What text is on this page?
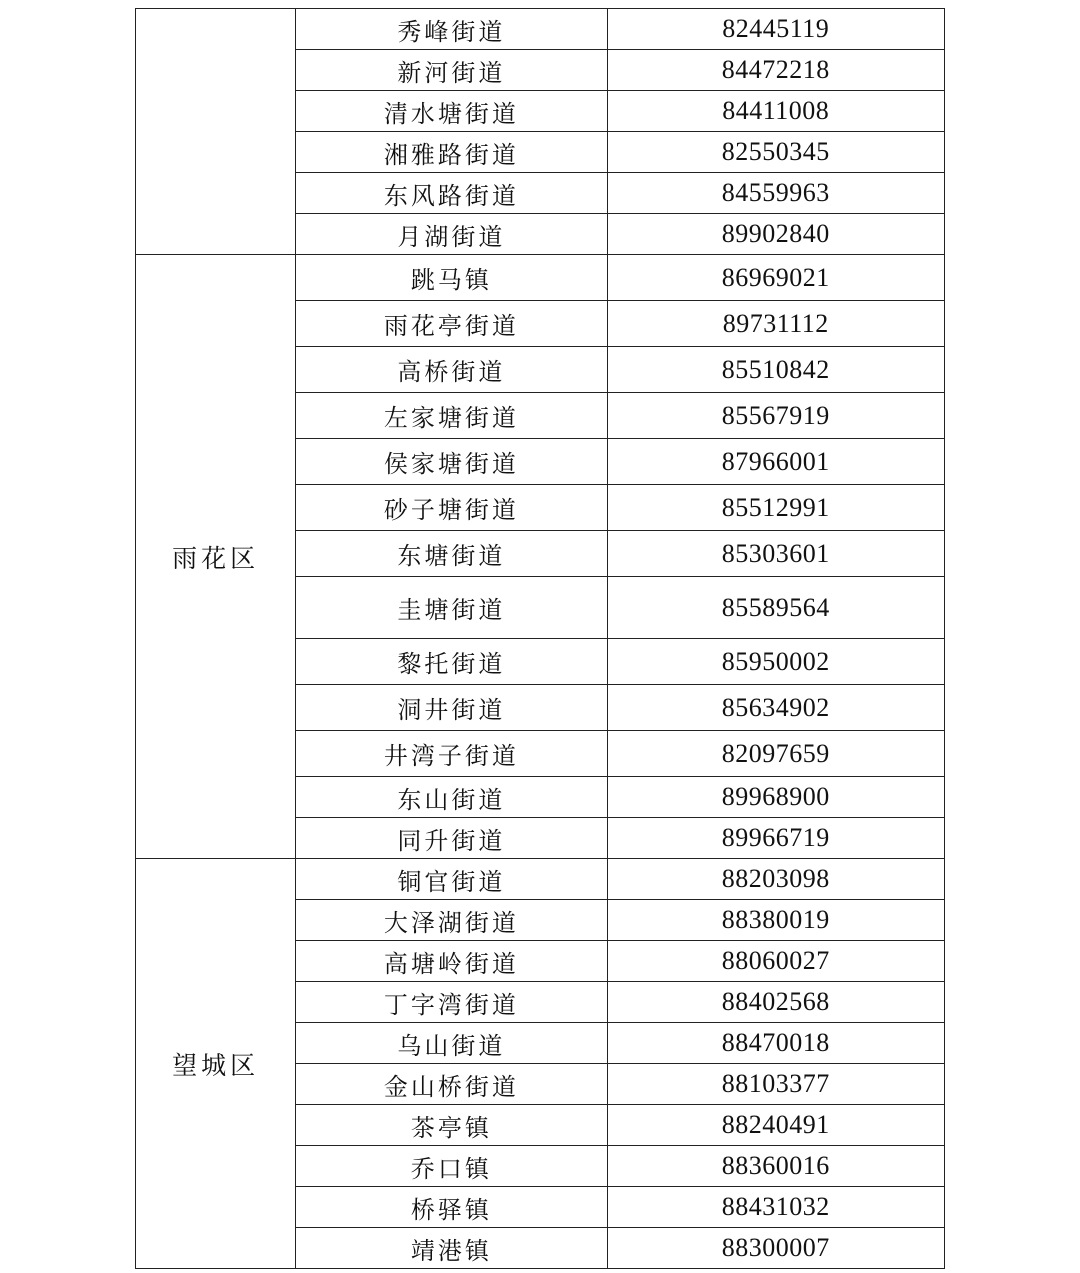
	秀峰街道	82445119
	新河街道	84472218
	清水塘街道	84411008
	湘雅路街道	82550345
	东风路街道	84559963
	月湖街道	89902840
雨花区	跳马镇	86969021
	雨花亭街道	89731112
	高桥街道	85510842
	左家塘街道	85567919
	侯家塘街道	87966001
	砂子塘街道	85512991
	东塘街道	85303601
	圭塘街道	85589564
	黎托街道	85950002
	洞井街道	85634902
	井湾子街道	82097659
	东山街道	89968900
	同升街道	89966719
望城区	铜官街道	88203098
	大泽湖街道	88380019
	高塘岭街道	88060027
	丁字湾街道	88402568
	乌山街道	88470018
	金山桥街道	88103377
	茶亭镇	88240491
	乔口镇	88360016
	桥驿镇	88431032
	靖港镇	88300007
